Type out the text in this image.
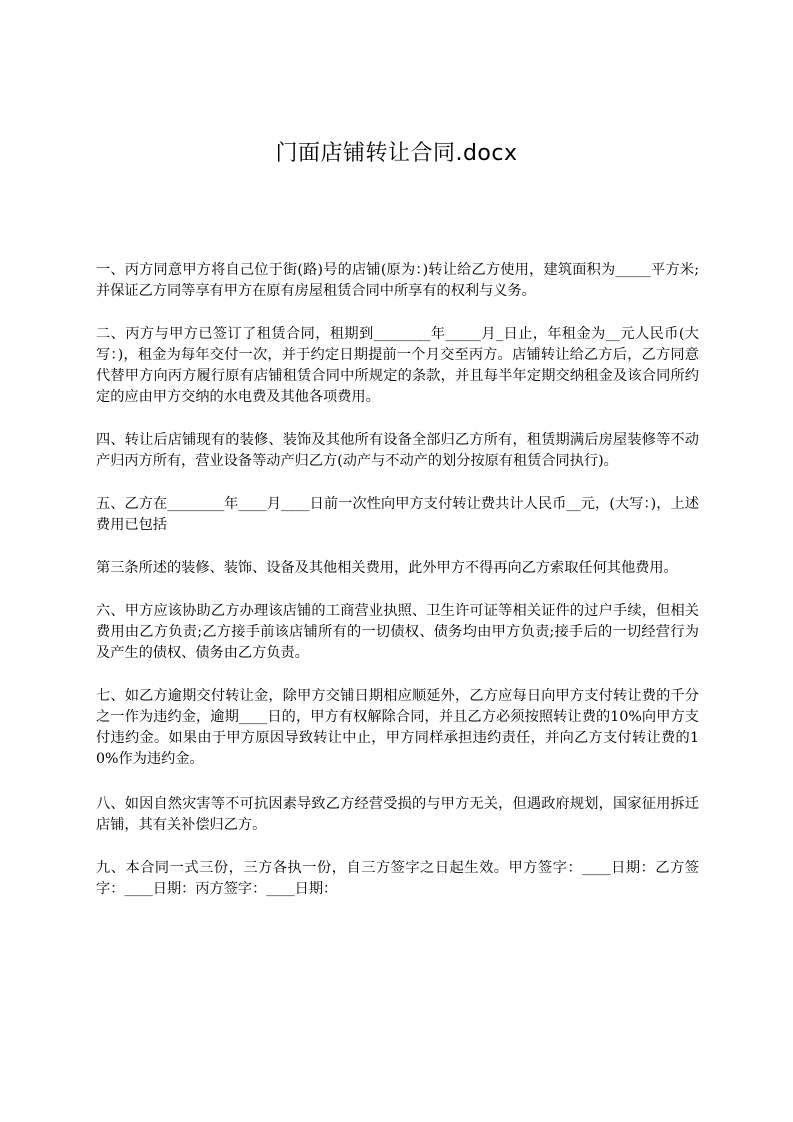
门面店铺转让合同.docx

一、丙方同意甲方将自己位于街(路)号的店铺(原为：)转让给乙方使用，建筑面积为_____平方米;并保证乙方同等享有甲方在原有房屋租赁合同中所享有的权利与义务。

二、丙方与甲方已签订了租赁合同，租期到________年_____月_日止，年租金为__元人民币(大写：)，租金为每年交付一次，并于约定日期提前一个月交至丙方。店铺转让给乙方后，乙方同意代替甲方向丙方履行原有店铺租赁合同中所规定的条款，并且每半年定期交纳租金及该合同所约定的应由甲方交纳的水电费及其他各项费用。

四、转让后店铺现有的装修、装饰及其他所有设备全部归乙方所有，租赁期满后房屋装修等不动产归丙方所有，营业设备等动产归乙方(动产与不动产的划分按原有租赁合同执行)。

五、乙方在________年____月____日前一次性向甲方支付转让费共计人民币__元，(大写：)，上述费用已包括

第三条所述的装修、装饰、设备及其他相关费用，此外甲方不得再向乙方索取任何其他费用。

六、甲方应该协助乙方办理该店铺的工商营业执照、卫生许可证等相关证件的过户手续，但相关费用由乙方负责;乙方接手前该店铺所有的一切债权、债务均由甲方负责;接手后的一切经营行为及产生的债权、债务由乙方负责。

七、如乙方逾期交付转让金，除甲方交铺日期相应顺延外，乙方应每日向甲方支付转让费的千分之一作为违约金，逾期____日的，甲方有权解除合同，并且乙方必须按照转让费的10%向甲方支付违约金。如果由于甲方原因导致转让中止，甲方同样承担违约责任，并向乙方支付转让费的10%作为违约金。

八、如因自然灾害等不可抗因素导致乙方经营受损的与甲方无关，但遇政府规划，国家征用拆迁店铺，其有关补偿归乙方。

九、本合同一式三份，三方各执一份，自三方签字之日起生效。甲方签字：____日期：乙方签字：____日期：丙方签字：____日期：
